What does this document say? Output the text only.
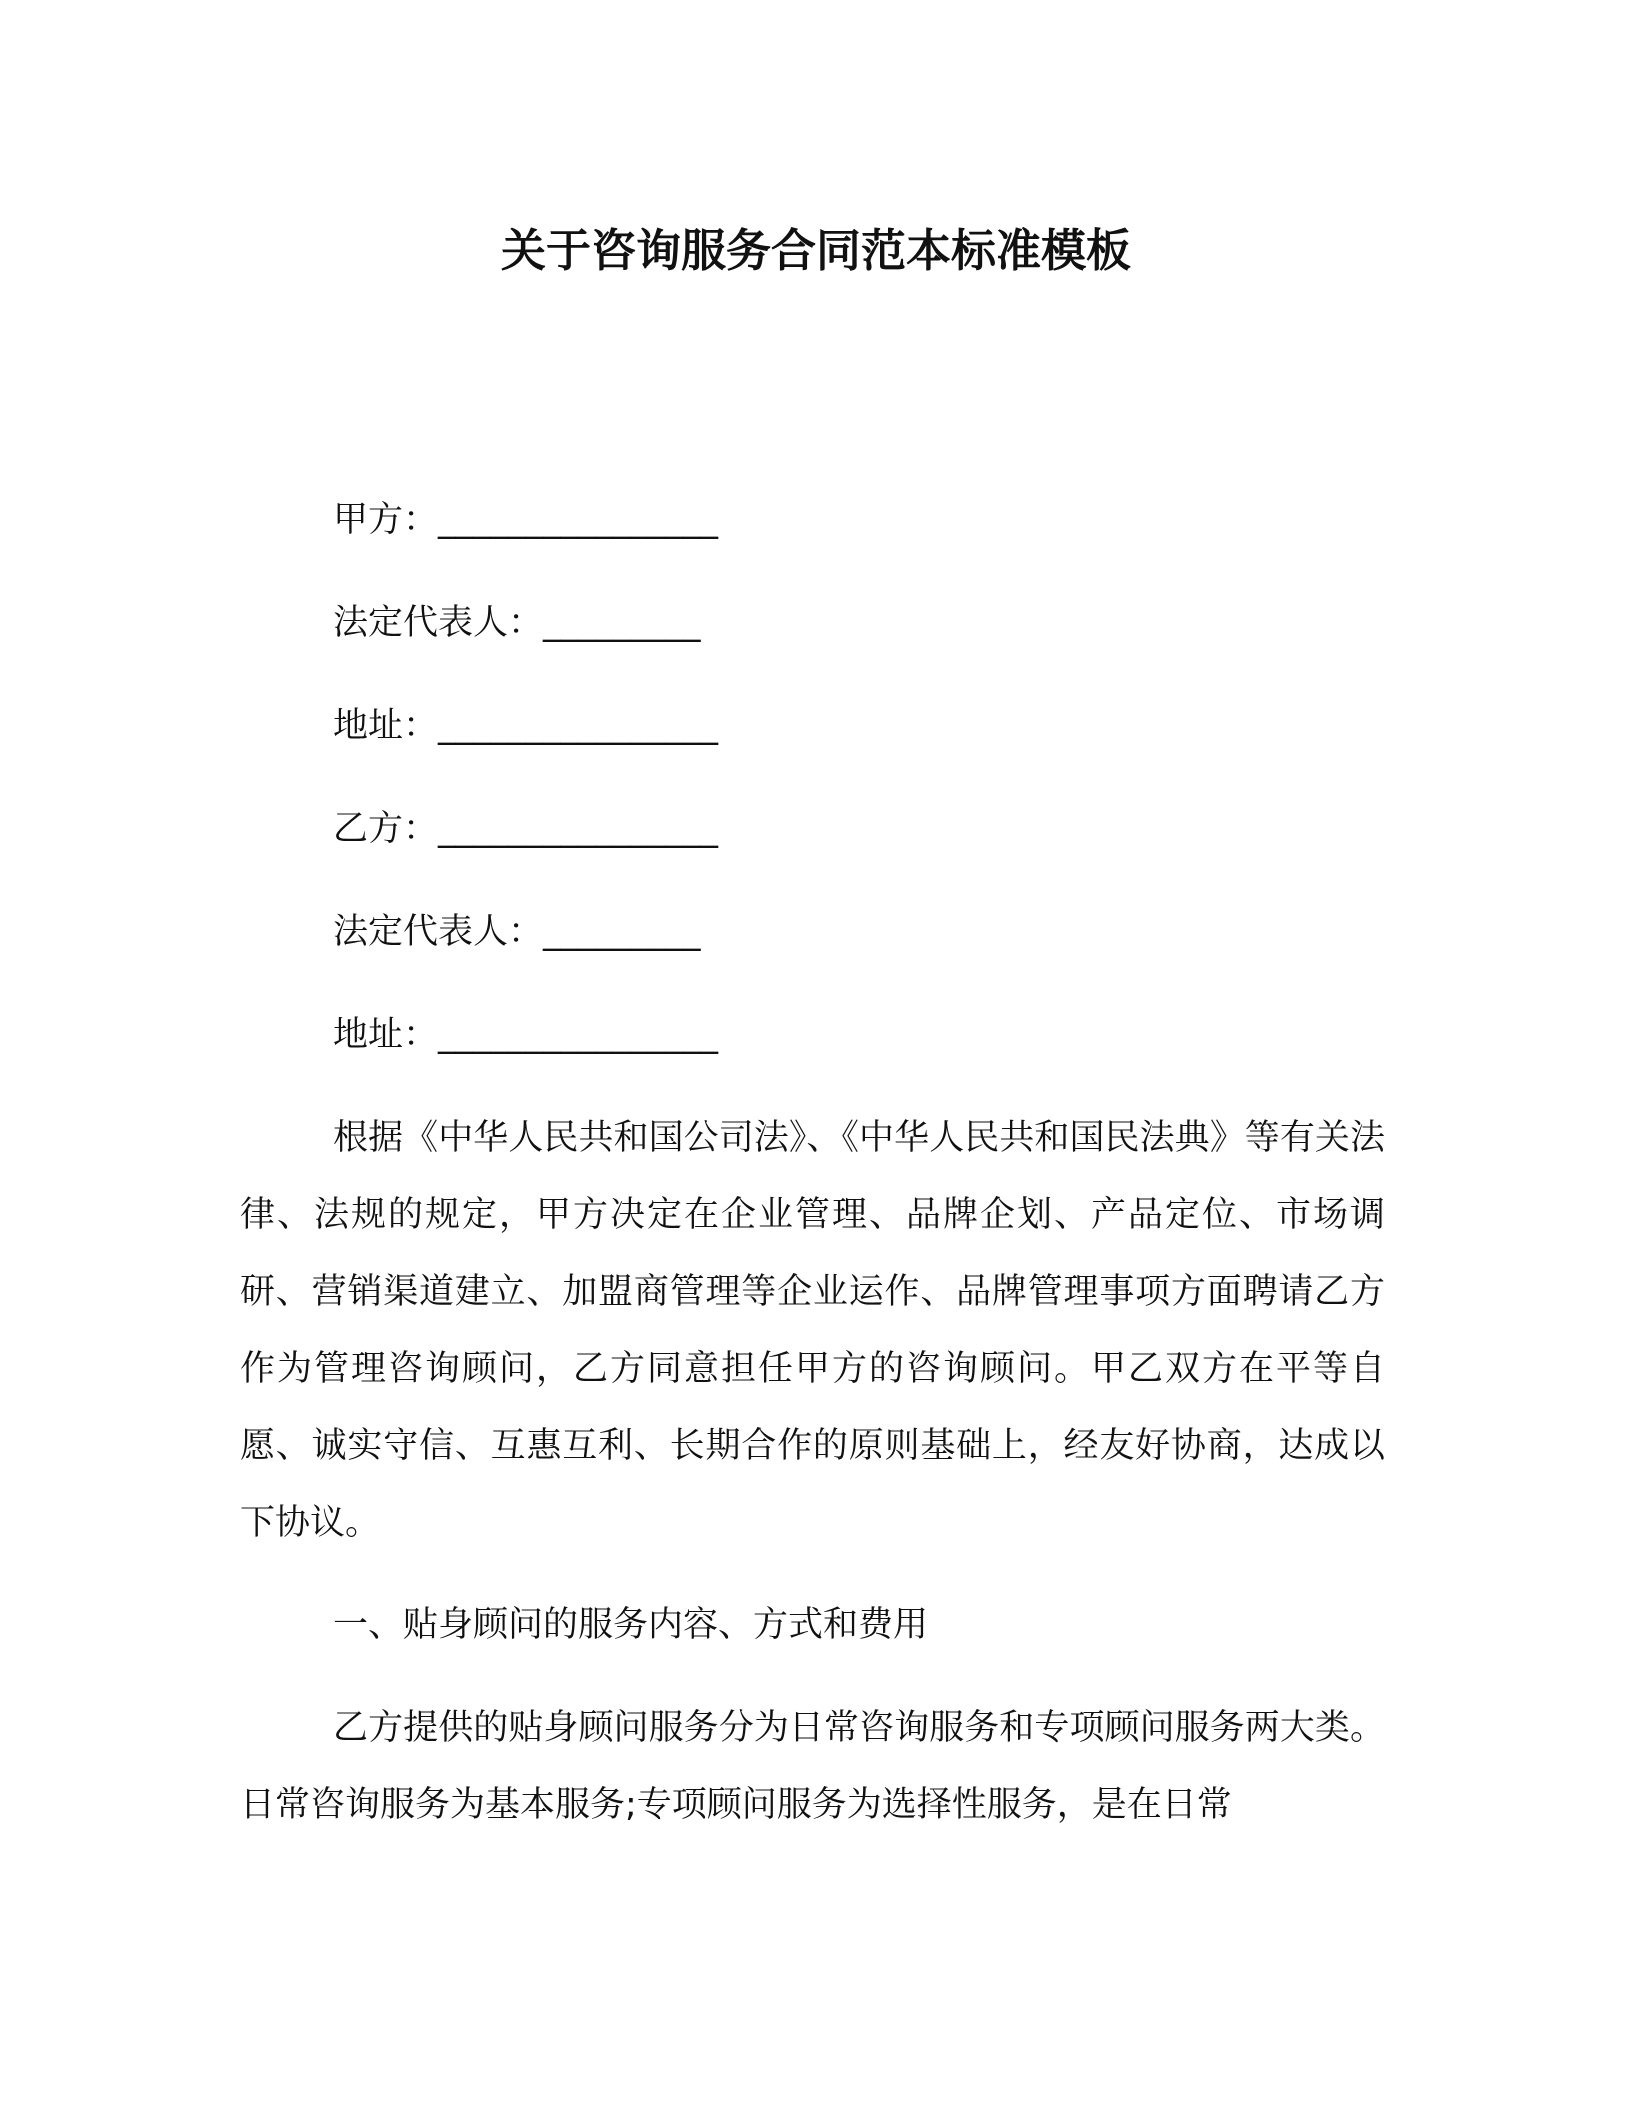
关于咨询服务合同范本标准模板
甲方：________________
法定代表人：_________
地址：________________
乙方：________________
法定代表人：_________
地址：________________

根据《中华人民共和国公司法》、《中华人民共和国民法典》等有关法律、法规的规定，甲方决定在企业管理、品牌企划、产品定位、市场调研、营销渠道建立、加盟商管理等企业运作、品牌管理事项方面聘请乙方作为管理咨询顾问，乙方同意担任甲方的咨询顾问。甲乙双方在平等自愿、诚实守信、互惠互利、长期合作的原则基础上，经友好协商，达成以下协议。

一、贴身顾问的服务内容、方式和费用

乙方提供的贴身顾问服务分为日常咨询服务和专项顾问服务两大类。日常咨询服务为基本服务;专项顾问服务为选择性服务，是在日常
